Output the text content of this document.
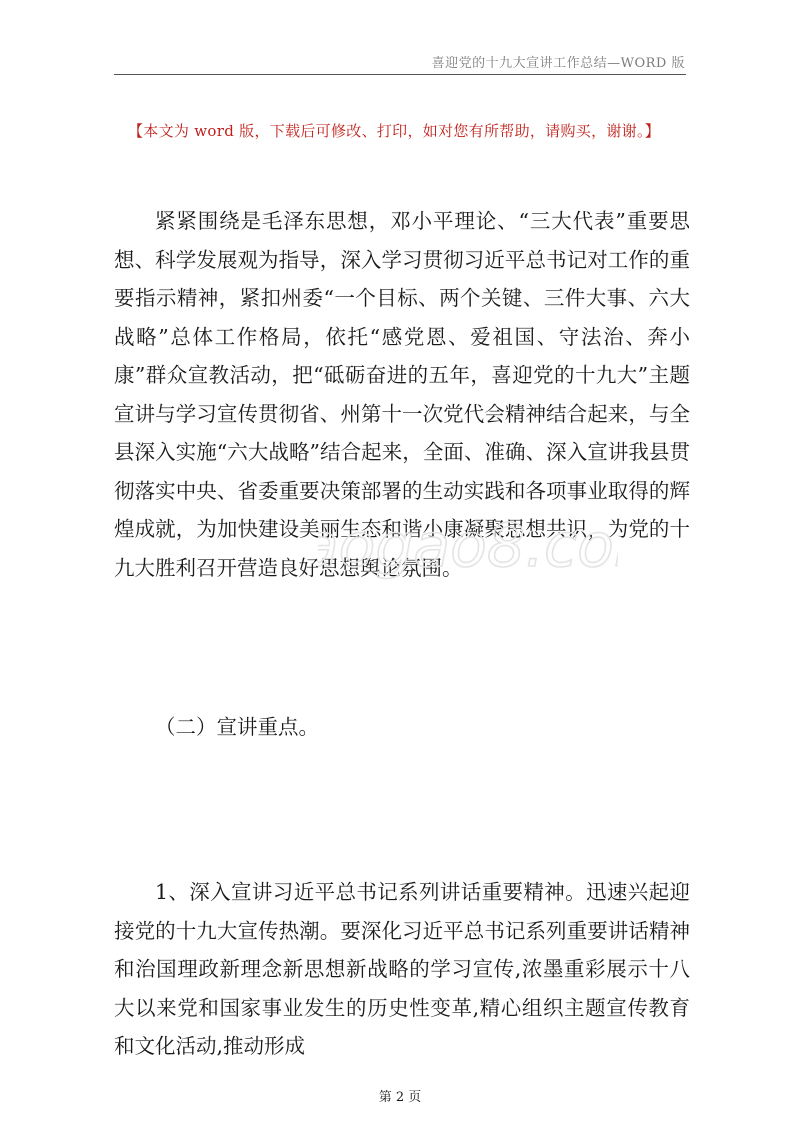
喜迎党的十九大宣讲工作总结—WORD 版
【本文为 word 版，下载后可修改、打印，如对您有所帮助，请购买，谢谢。】

紧紧围绕是毛泽东思想，邓小平理论、“三大代表”重要思想、科学发展观为指导，深入学习贯彻习近平总书记对工作的重要指示精神，紧扣州委“一个目标、两个关键、三件大事、六大战略”总体工作格局，依托“感党恩、爱祖国、守法治、奔小康”群众宣教活动，把“砥砺奋进的五年，喜迎党的十九大”主题宣讲与学习宣传贯彻省、州第十一次党代会精神结合起来，与全县深入实施“六大战略”结合起来，全面、准确、深入宣讲我县贯彻落实中央、省委重要决策部署的生动实践和各项事业取得的辉煌成就，为加快建设美丽生态和谐小康凝聚思想共识，为党的十九大胜利召开营造良好思想舆论氛围。

ogao8.co

（二）宣讲重点。

1、深入宣讲习近平总书记系列讲话重要精神。迅速兴起迎接党的十九大宣传热潮。要深化习近平总书记系列重要讲话精神和治国理政新理念新思想新战略的学习宣传,浓墨重彩展示十八大以来党和国家事业发生的历史性变革,精心组织主题宣传教育和文化活动,推动形成

第 2 页
